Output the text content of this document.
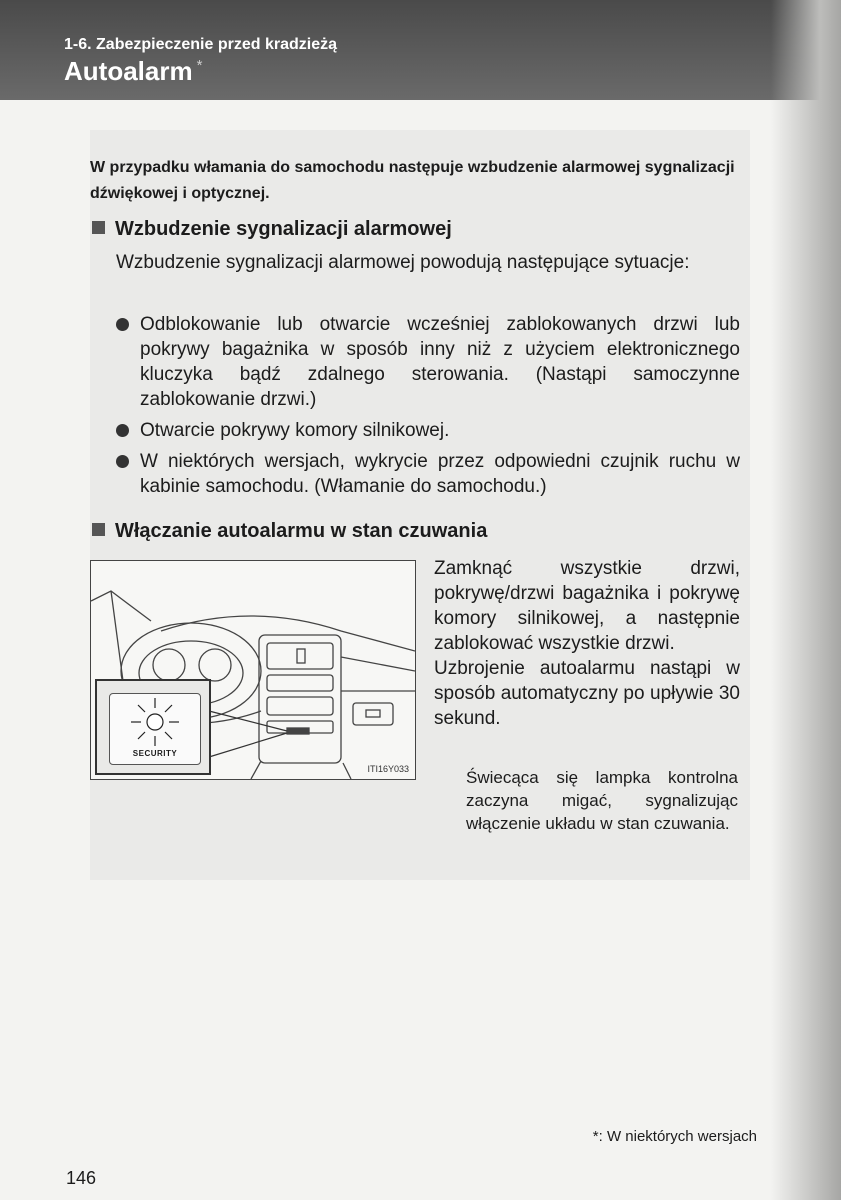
1-6. Zabezpieczenie przed kradzieżą
Autoalarm *
W przypadku włamania do samochodu następuje wzbudzenie alarmowej sygnalizacji dźwiękowej i optycznej.
Wzbudzenie sygnalizacji alarmowej
Wzbudzenie sygnalizacji alarmowej powodują następujące sytuacje:
Odblokowanie lub otwarcie wcześniej zablokowanych drzwi lub pokrywy bagażnika w sposób inny niż z użyciem elektronicznego kluczyka bądź zdalnego sterowania. (Nastąpi samoczynne zablokowanie drzwi.)
Otwarcie pokrywy komory silnikowej.
W niektórych wersjach, wykrycie przez odpowiedni czujnik ruchu w kabinie samochodu. (Włamanie do samochodu.)
Włączanie autoalarmu w stan czuwania
SECURITY
ITI16Y033
Zamknąć wszystkie drzwi, pokrywę/drzwi bagażnika i pokrywę komory silnikowej, a następnie zablokować wszystkie drzwi.
Uzbrojenie autoalarmu nastąpi w sposób automatyczny po upływie 30 sekund.
Świecąca się lampka kontrolna zaczyna migać, sygnalizując włączenie układu w stan czuwania.
*: W niektórych wersjach
146
